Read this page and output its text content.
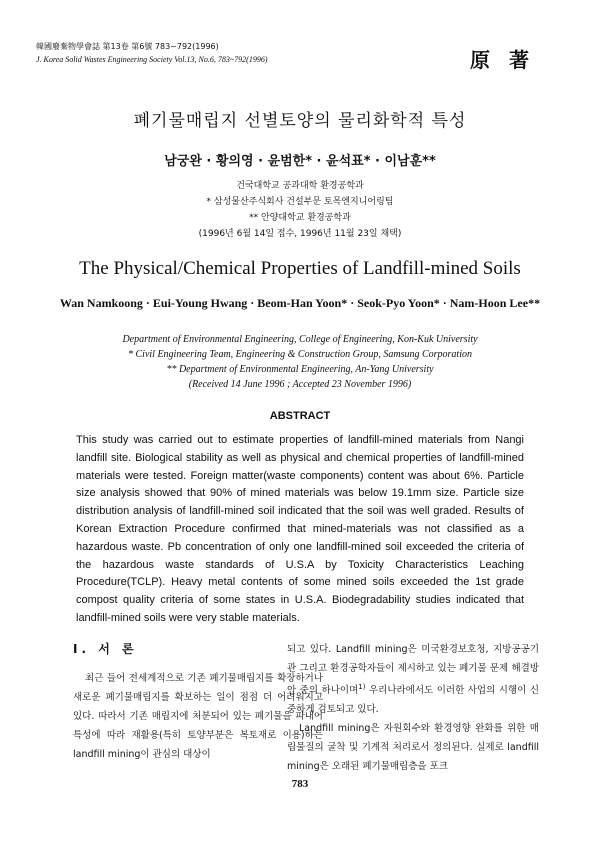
韓國廢棄物學會誌 第13卷 第6號 783~792(1996)
J. Korea Solid Wastes Engineering Society Vol.13, No.6, 783~792(1996)	原 著
폐기물매립지 선별토양의 물리화학적 특성
남궁완 · 황의영 · 윤범한* · 윤석표* · 이남훈**
건국대학교 공과대학 환경공학과
* 삼성물산주식회사 건설부문 토목엔지니어링팀
** 안양대학교 환경공학과
(1996년 6월 14일 접수, 1996년 11월 23일 채택)
The Physical/Chemical Properties of Landfill-mined Soils
Wan Namkoong · Eui-Young Hwang · Beom-Han Yoon* · Seok-Pyo Yoon* · Nam-Hoon Lee**
Department of Environmental Engineering, College of Engineering, Kon-Kuk University
* Civil Engineering Team, Engineering & Construction Group, Samsung Corporation
** Department of Environmental Engineering, An-Yang University
(Received 14 June 1996 ; Accepted 23 November 1996)
ABSTRACT
This study was carried out to estimate properties of landfill-mined materials from Nangi landfill site. Biological stability as well as physical and chemical properties of landfill-mined materials were tested. Foreign matter(waste components) content was about 6%. Particle size analysis showed that 90% of mined materials was below 19.1mm size. Particle size distribution analysis of landfill-mined soil indicated that the soil was well graded. Results of Korean Extraction Procedure confirmed that mined-materials was not classified as a hazardous waste. Pb concentration of only one landfill-mined soil exceeded the criteria of the hazardous waste standards of U.S.A by Toxicity Characteristics Leaching Procedure(TCLP). Heavy metal contents of some mined soils exceeded the 1st grade compost quality criteria of some states in U.S.A. Biodegradability studies indicated that landfill-mined soils were very stable materials.

I. 서 론

최근 들어 전세계적으로 기존 폐기물매립지를 확장하거나 새로운 폐기물매립지를 확보하는 일이 점점 더 어려워지고 있다. 따라서 기존 매립지에 처분되어 있는 폐기물을 파내어 특성에 따라 재활용(특히 토양부분은 복토재로 이용)하는 landfill mining이 관심의 대상이

되고 있다. Landfill mining은 미국환경보호청, 지방공공기관 그리고 환경공학자들이 제시하고 있는 폐기물 문제 해결방안 중의 하나이며$^{1)}$ 우리나라에서도 이러한 사업의 시행이 신중하게 검토되고 있다.

Landfill mining은 자원회수와 환경영향 완화를 위한 매립물질의 굴착 및 기계적 처리로서 정의된다. 실제로 landfill mining은 오래된 폐기물매립층을 포크

783
